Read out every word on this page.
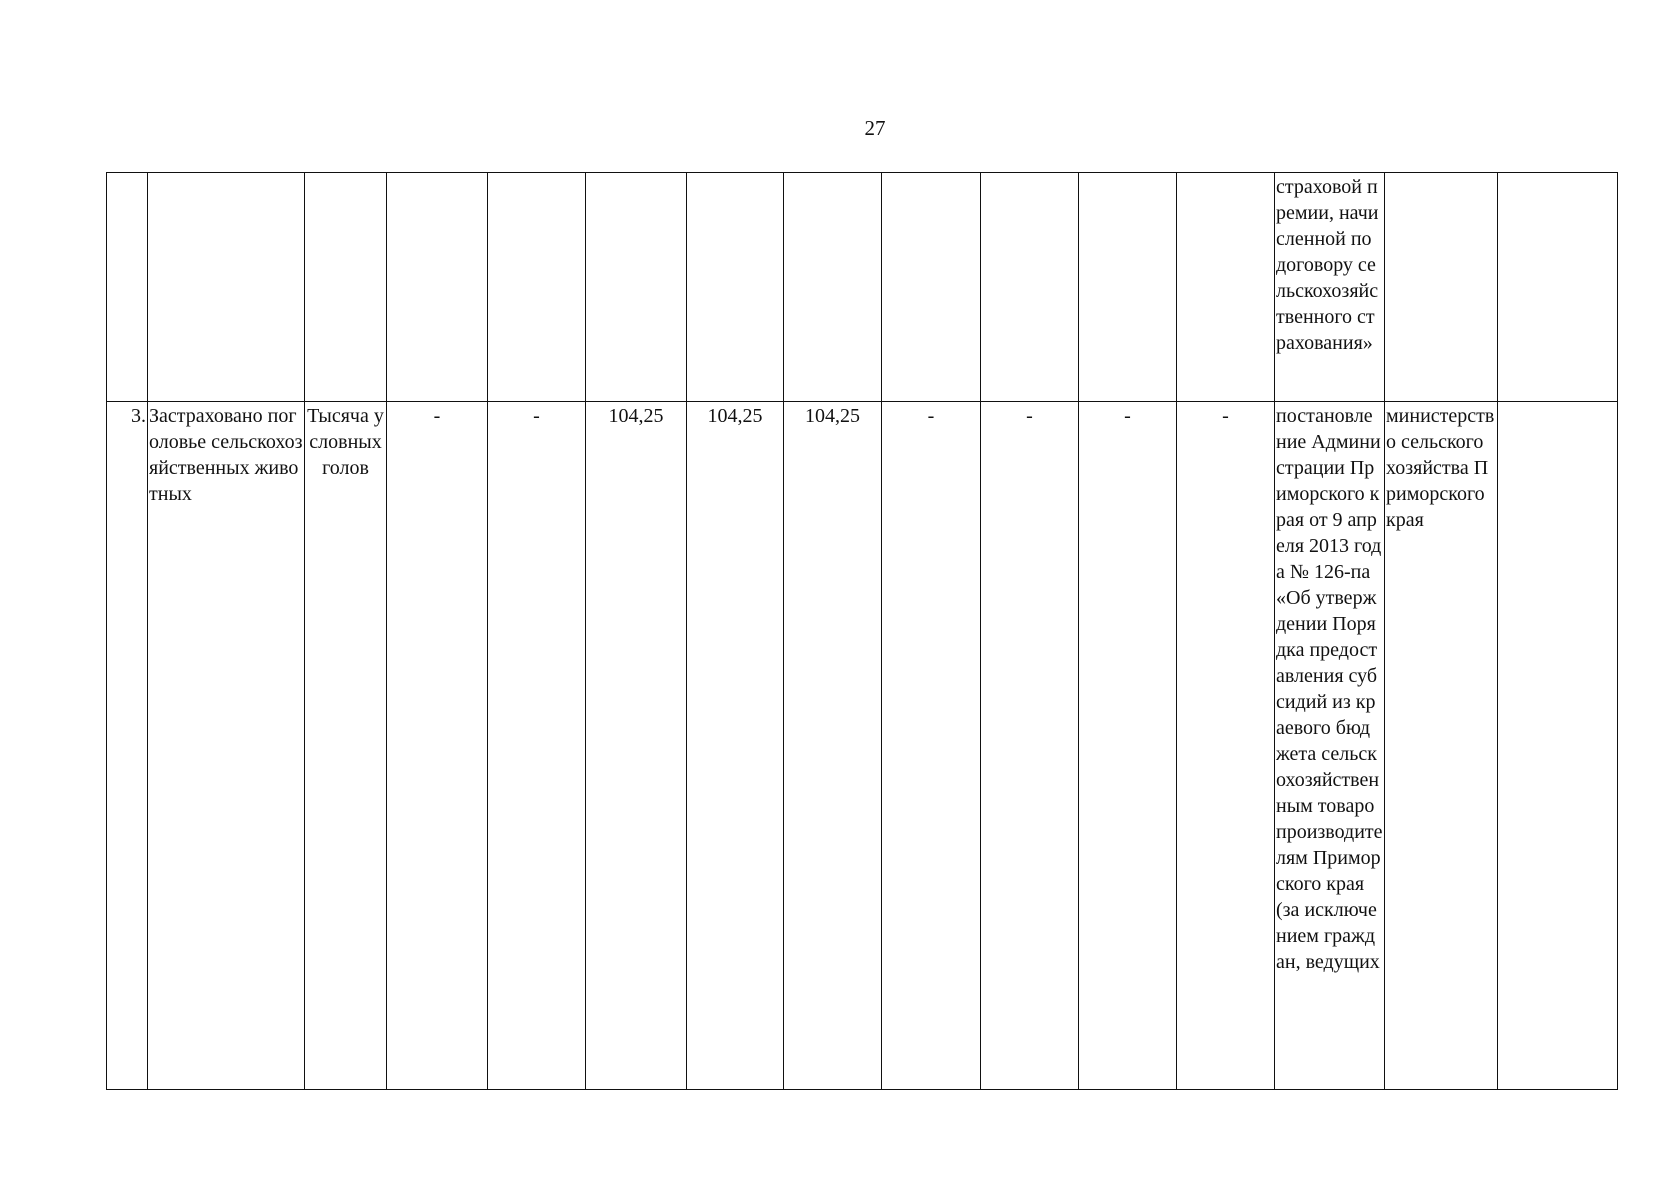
27
												страховой премии, начисленной по договору сельскохозяйственного страхования»		
3.	Застраховано поголовье сельскохозяйственных животных	Тысяча условных голов	-	-	104,25	104,25	104,25	-	-	-	-	постановление Администрации Приморского края от 9 апреля 2013 года № 126-па «Об утверждении Порядка предоставления субсидий из краевого бюджета сельскохозяйственным товаропроизводителям Приморского края (за исключением граждан, ведущих	министерство сельского хозяйства Приморского края	
